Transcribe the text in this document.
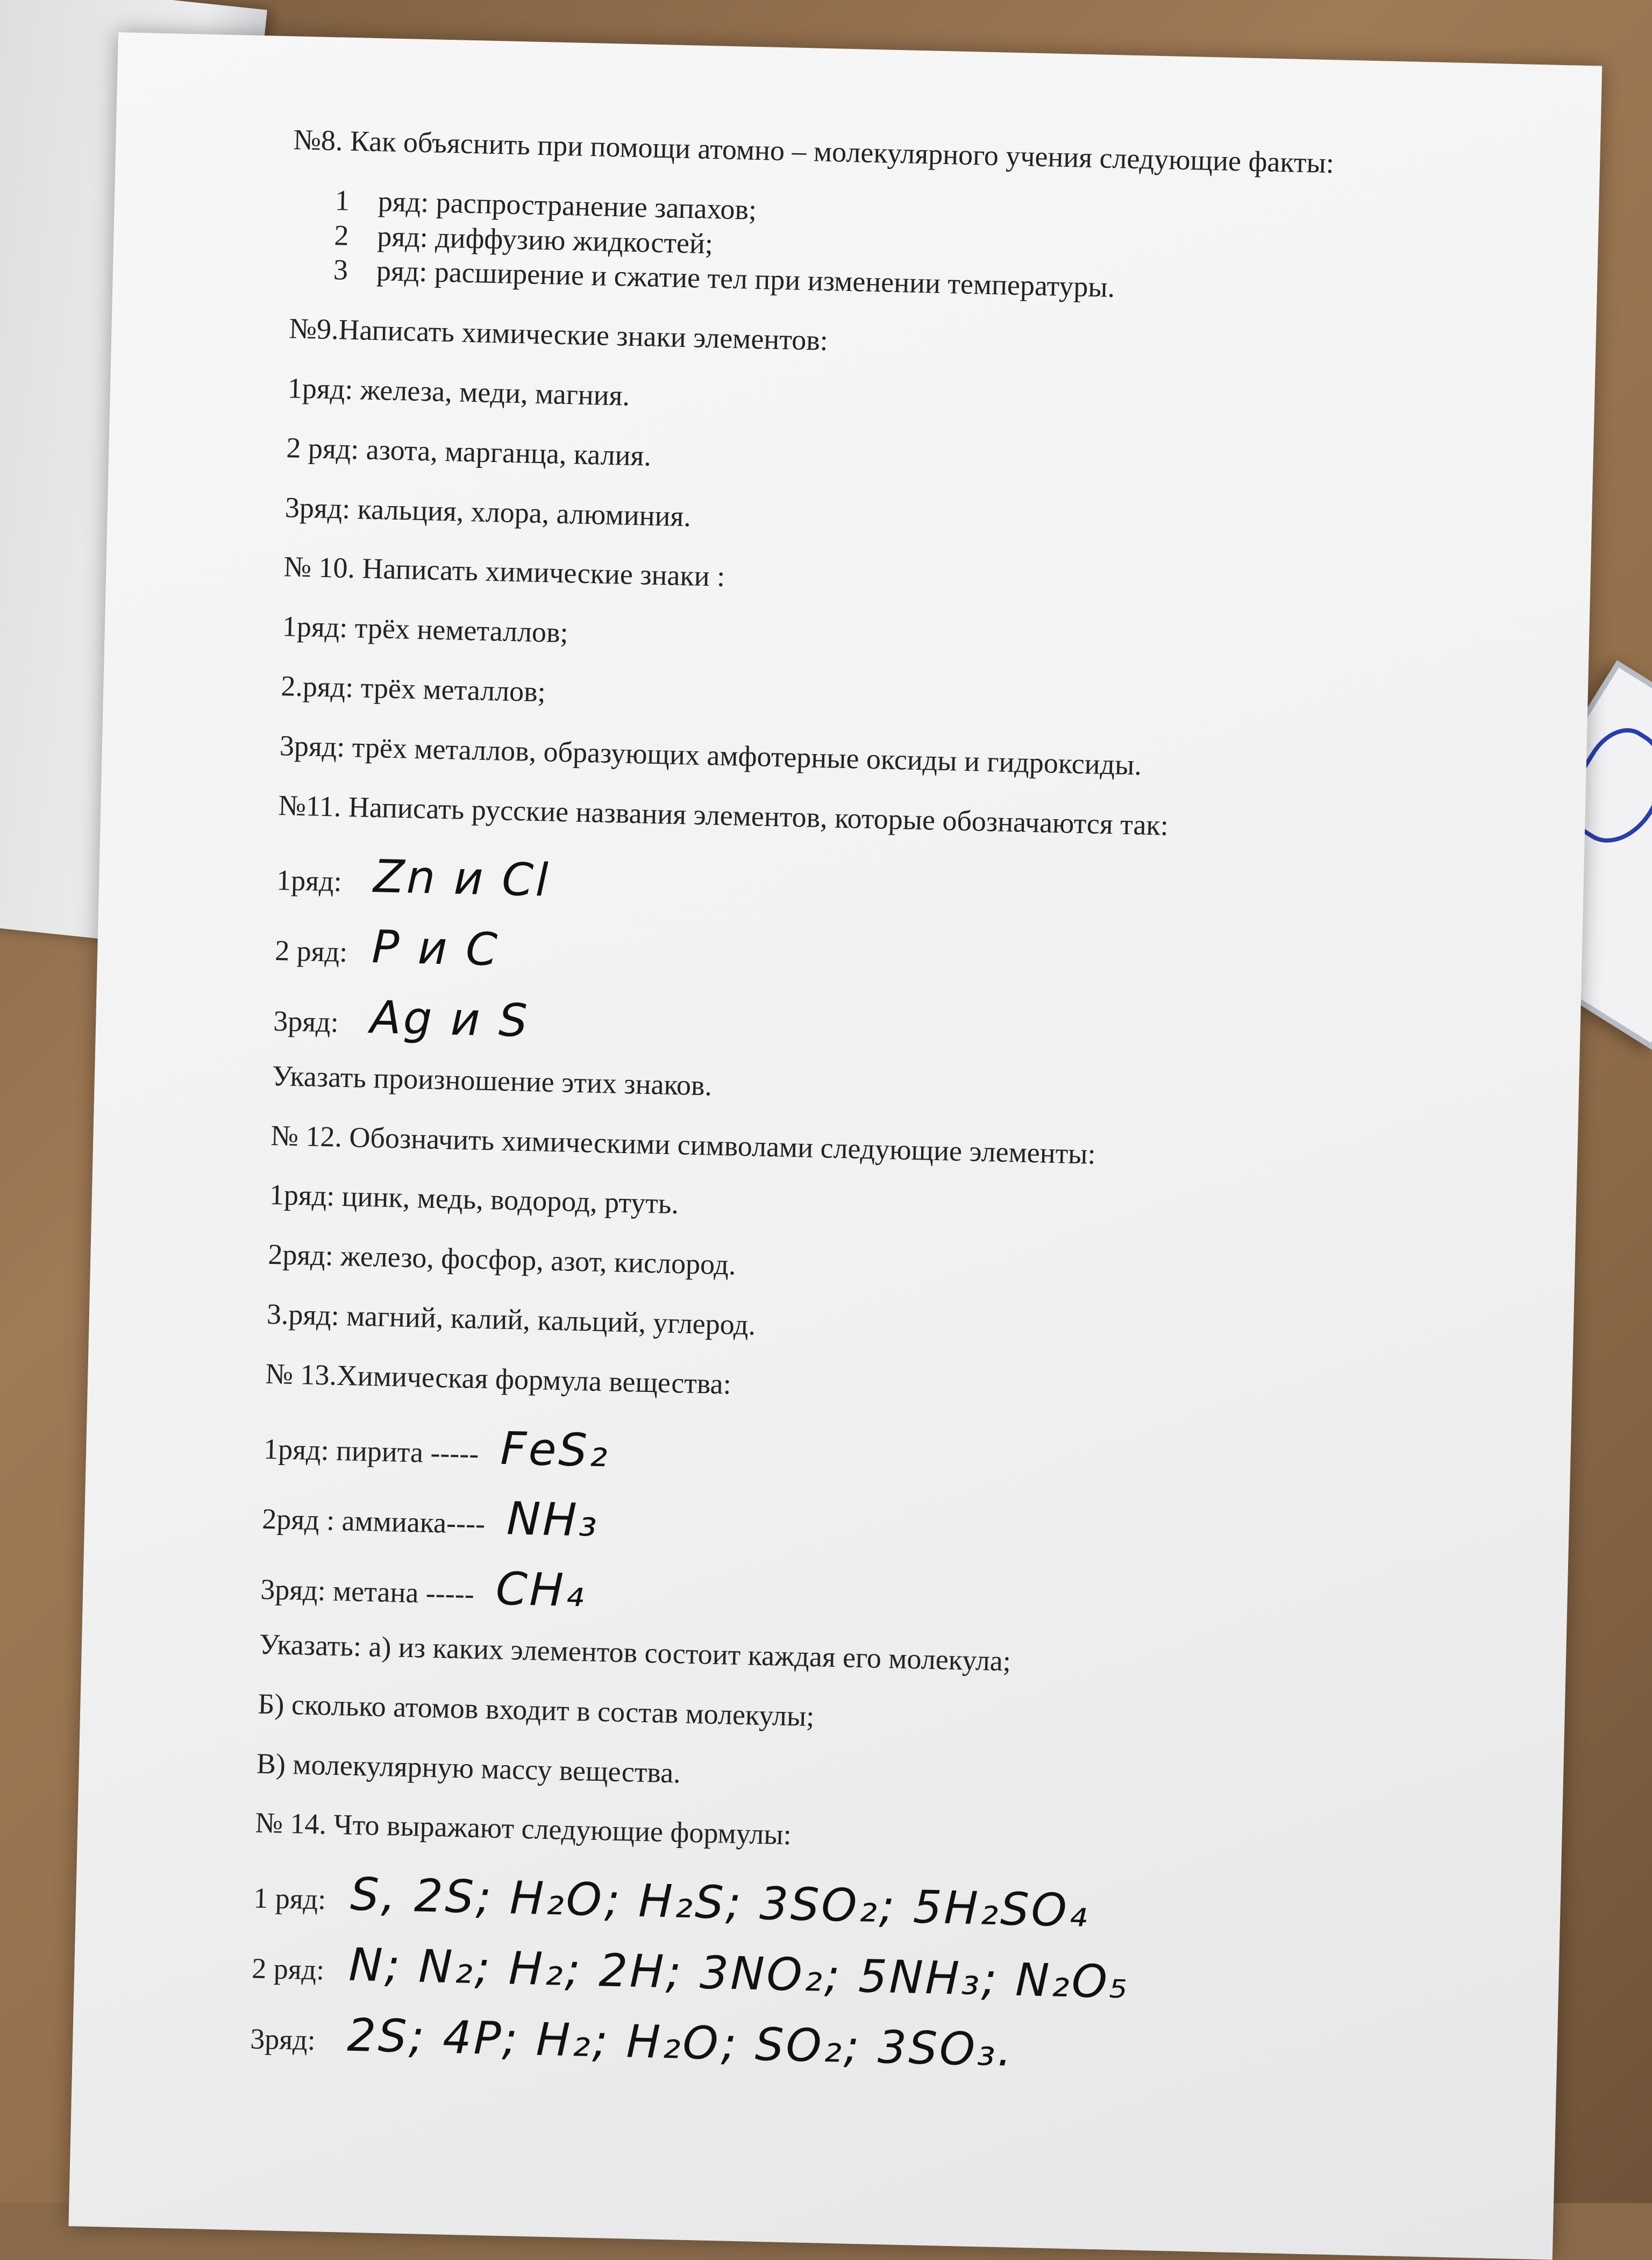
№8. Как объяснить при помощи атомно – молекулярного учения следующие факты:
1 ряд: распространение запахов;
2 ряд: диффузию жидкостей;
3 ряд: расширение и сжатие тел при изменении температуры.
№9.Написать химические знаки элементов:
1ряд: железа, меди, магния.
2 ряд: азота, марганца, калия.
3ряд: кальция, хлора, алюминия.
№ 10. Написать химические знаки :
1ряд: трёх неметаллов;
2.ряд: трёх металлов;
3ряд: трёх металлов, образующих амфотерные оксиды и гидроксиды.
№11. Написать русские названия элементов, которые обозначаются так:
1ряд: Zn и Cl
2 ряд: P и C
3ряд: Ag и S
Указать произношение этих знаков.
№ 12. Обозначить химическими символами следующие элементы:
1ряд: цинк, медь, водород, ртуть.
2ряд: железо, фосфор, азот, кислород.
3.ряд: магний, калий, кальций, углерод.
№ 13.Химическая формула вещества:
1ряд: пирита ----- FeS₂
2ряд : аммиака---- NH₃
3ряд: метана ----- CH₄
Указать: а) из каких элементов состоит каждая его молекула;
Б) сколько атомов входит в состав молекулы;
В) молекулярную массу вещества.
№ 14. Что выражают следующие формулы:
1 ряд: S, 2S; H₂O; H₂S; 3SO₂; 5H₂SO₄
2 ряд: N; N₂; H₂; 2H; 3NO₂; 5NH₃; N₂O₅
3ряд: 2S; 4P; H₂; H₂O; SO₂; 3SO₃.
